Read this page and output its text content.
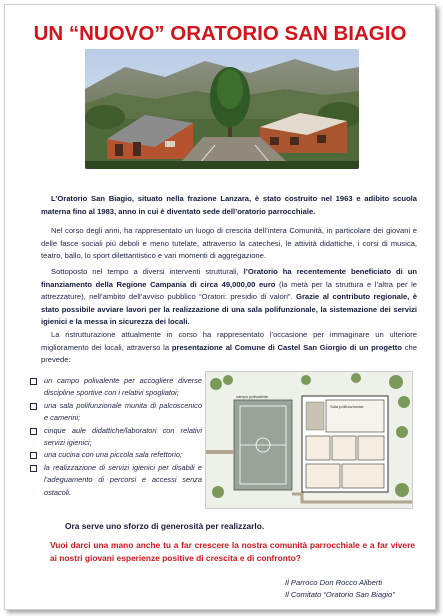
UN “NUOVO” ORATORIO SAN BIAGIO

L’Oratorio San Biagio, situato nella frazione Lanzara, è stato costruito nel 1963 e adibito scuola materna fino al 1983, anno in cui è diventato sede dell’oratorio parrocchiale.

Nel corso degli anni, ha rappresentato un luogo di crescita dell’intera Comunità, in particolare dei giovani e delle fasce sociali più deboli e meno tutelate, attraverso la catechesi, le attività didattiche, i corsi di musica, teatro, ballo, lo sport dilettantistico e vari momenti di aggregazione.

Sottoposto nel tempo a diversi interventi strutturali, l’Oratorio ha recentemente beneficiato di un finanziamento della Regione Campania di circa 49,000,00 euro (la metà per la struttura e l’altra per le attrezzature), nell’ambito dell’avviso pubblico “Oratori: presidio di valori”. Grazie al contributo regionale, è stato possibile avviare lavori per la realizzazione di una sala polifunzionale, la sistemazione dei servizi igienici e la messa in sicurezza dei locali.

La ristrutturazione attualmente in corso ha rappresentato l’occasione per immaginare un ulteriore miglioramento dei locali, attraverso la presentazione al Comune di Castel San Giorgio di un progetto che prevede:

un campo polivalente per accogliere diverse discipline sportive con i relativi spogliatoi;
una sala polifunzionale munita di palcoscenico e camerini;
cinque aule didattiche/laboratori con relativi servizi igienici;
una cucina con una piccola sala refettorio;
la realizzazione di servizi igienici per disabili e l’adeguamento di percorsi e accessi senza ostacoli.
campo polivalente
Sala polifunzionale
Ora serve uno sforzo di generosità per realizzarlo.
Vuoi darci una mano anche tu a far crescere la nostra comunità parrocchiale e a far vivere ai nostri giovani esperienze positive di crescita e di confronto?
Il Parroco Don Rocco Aliberti
Il Comitato “Oratorio San Biagio”
